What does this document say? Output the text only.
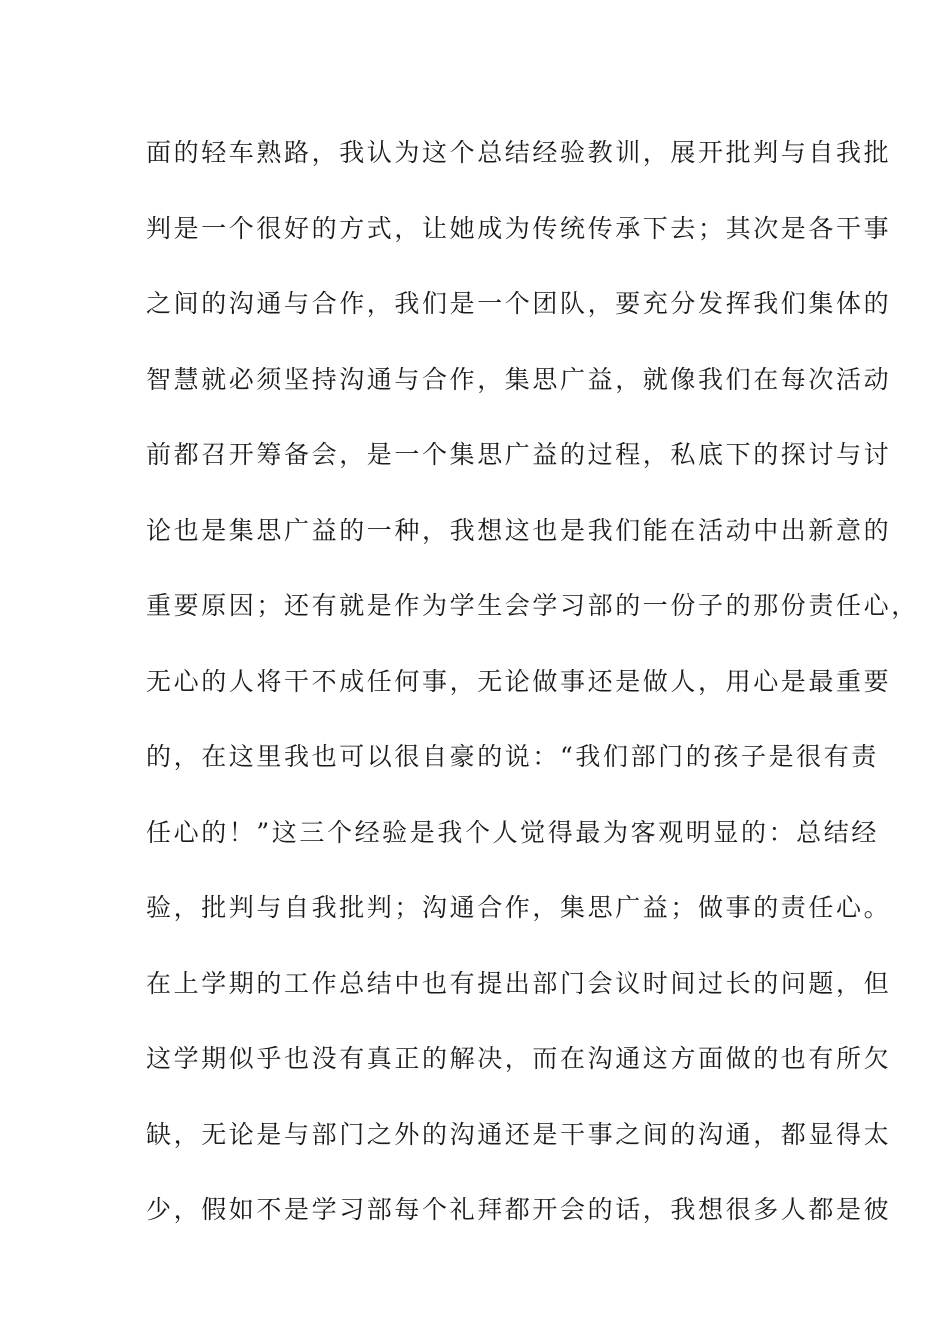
面的轻车熟路，我认为这个总结经验教训，展开批判与自我批
判是一个很好的方式，让她成为传统传承下去；其次是各干事
之间的沟通与合作，我们是一个团队，要充分发挥我们集体的
智慧就必须坚持沟通与合作，集思广益，就像我们在每次活动
前都召开筹备会，是一个集思广益的过程，私底下的探讨与讨
论也是集思广益的一种，我想这也是我们能在活动中出新意的
重要原因；还有就是作为学生会学习部的一份子的那份责任心，
无心的人将干不成任何事，无论做事还是做人，用心是最重要
的，在这里我也可以很自豪的说：“我们部门的孩子是很有责
任心的！”这三个经验是我个人觉得最为客观明显的：总结经
验，批判与自我批判；沟通合作，集思广益；做事的责任心。
在上学期的工作总结中也有提出部门会议时间过长的问题，但
这学期似乎也没有真正的解决，而在沟通这方面做的也有所欠
缺，无论是与部门之外的沟通还是干事之间的沟通，都显得太
少，假如不是学习部每个礼拜都开会的话，我想很多人都是彼
